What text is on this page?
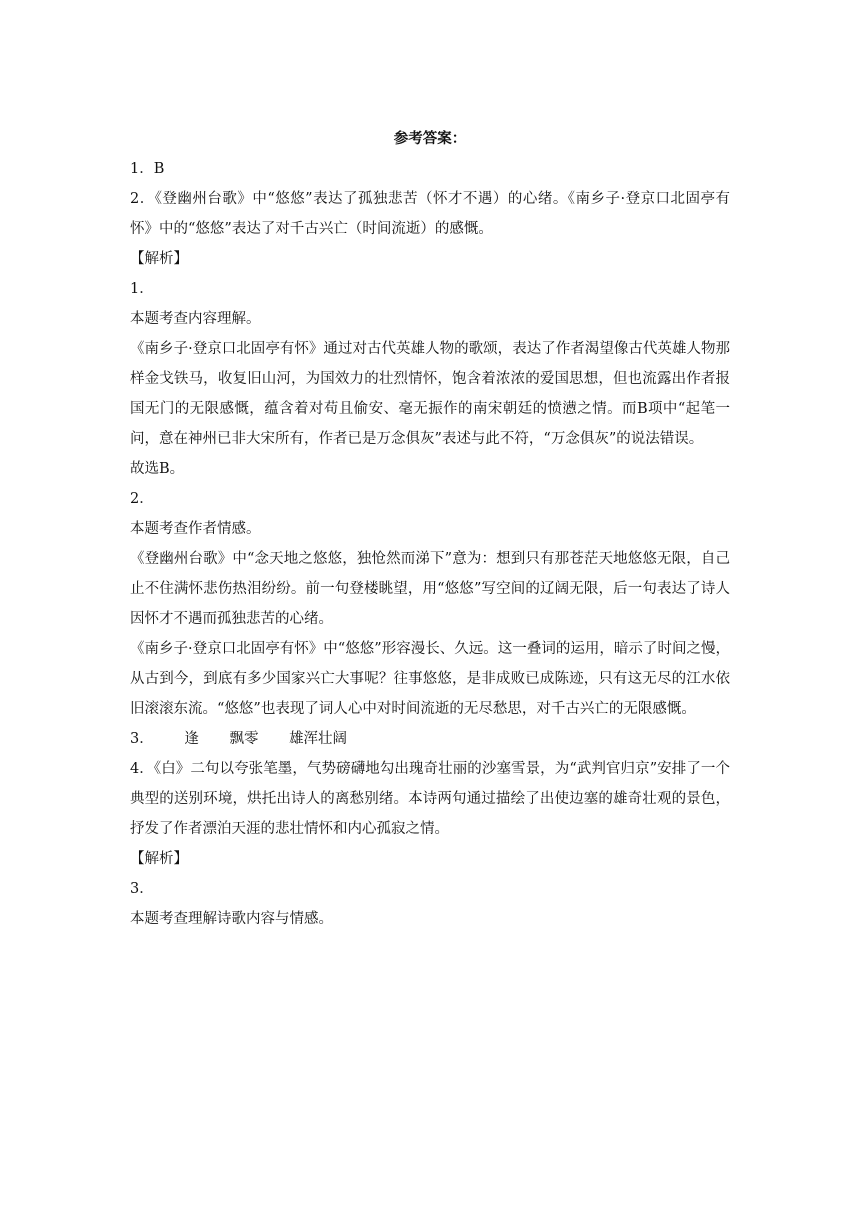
参考答案：

1．B

2．《登幽州台歌》中“悠悠”表达了孤独悲苦（怀才不遇）的心绪。《南乡子·登京口北固亭有怀》中的“悠悠”表达了对千古兴亡（时间流逝）的感慨。

【解析】

1．

本题考查内容理解。

《南乡子·登京口北固亭有怀》通过对古代英雄人物的歌颂，表达了作者渴望像古代英雄人物那样金戈铁马，收复旧山河，为国效力的壮烈情怀，饱含着浓浓的爱国思想，但也流露出作者报国无门的无限感慨，蕴含着对苟且偷安、毫无振作的南宋朝廷的愤懑之情。而B项中“起笔一问，意在神州已非大宋所有，作者已是万念俱灰”表述与此不符，“万念俱灰”的说法错误。

故选B。

2．

本题考查作者情感。

《登幽州台歌》中“念天地之悠悠，独怆然而涕下”意为：想到只有那苍茫天地悠悠无限，自己止不住满怀悲伤热泪纷纷。前一句登楼眺望，用“悠悠”写空间的辽阔无限，后一句表达了诗人因怀才不遇而孤独悲苦的心绪。

《南乡子·登京口北固亭有怀》中“悠悠”形容漫长、久远。这一叠词的运用，暗示了时间之慢，从古到今，到底有多少国家兴亡大事呢？往事悠悠，是非成败已成陈迹，只有这无尽的江水依旧滚滚东流。“悠悠”也表现了词人心中对时间流逝的无尽愁思，对千古兴亡的无限感慨。

3． 逢 飘零 雄浑壮阔

4．《白》二句以夸张笔墨，气势磅礴地勾出瑰奇壮丽的沙塞雪景，为“武判官归京”安排了一个典型的送别环境，烘托出诗人的离愁别绪。本诗两句通过描绘了出使边塞的雄奇壮观的景色，抒发了作者漂泊天涯的悲壮情怀和内心孤寂之情。

【解析】

3．

本题考查理解诗歌内容与情感。
